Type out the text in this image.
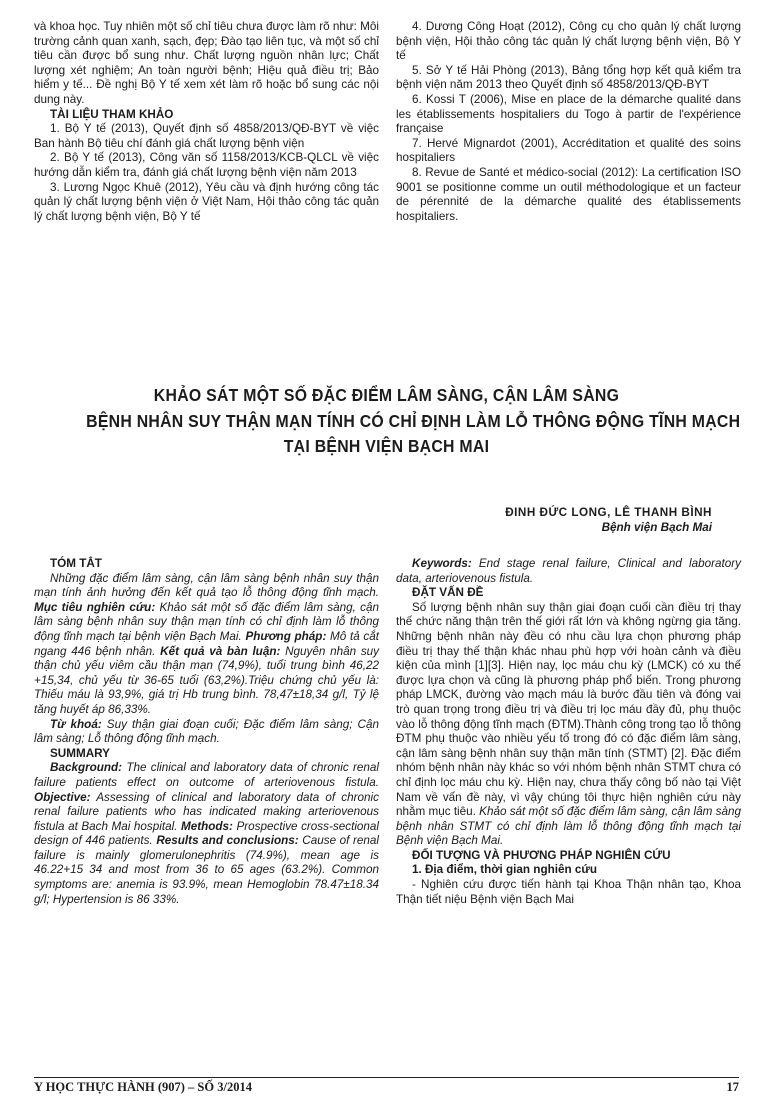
và khoa học. Tuy nhiên một số chỉ tiêu chưa được làm rõ như: Môi trường cảnh quan xanh, sạch, đẹp; Đào tạo liên tục, và một số chỉ tiêu cần được bổ sung như. Chất lượng nguồn nhân lực; Chất lượng xét nghiệm; An toàn người bệnh; Hiệu quả điều trị; Bảo hiểm y tế... Đề nghị Bộ Y tế xem xét làm rõ hoặc bổ sung các nội dung này.

TÀI LIỆU THAM KHẢO

1. Bộ Y tế (2013), Quyết định số 4858/2013/QĐ-BYT về việc Ban hành Bộ tiêu chí đánh giá chất lượng bệnh viện

2. Bộ Y tế (2013), Công văn số 1158/2013/KCB-QLCL về việc hướng dẫn kiểm tra, đánh giá chất lượng bệnh viện năm 2013

3. Lương Ngọc Khuê (2012), Yêu cầu và định hướng công tác quản lý chất lượng bệnh viện ở Việt Nam, Hội thảo công tác quản lý chất lượng bệnh viện, Bộ Y tế

4. Dương Công Hoạt (2012), Công cụ cho quản lý chất lượng bệnh viện, Hội thảo công tác quản lý chất lượng bệnh viện, Bộ Y tế

5. Sở Y tế Hải Phòng (2013), Bảng tổng hợp kết quả kiểm tra bệnh viện năm 2013 theo Quyết định số 4858/2013/QĐ-BYT

6. Kossi T (2006), Mise en place de la démarche qualité dans les établissements hospitaliers du Togo à partir de l'expérience française

7. Hervé Mignardot (2001), Accréditation et qualité des soins hospitaliers

8. Revue de Santé et médico-social (2012): La certification ISO 9001 se positionne comme un outil méthodologique et un facteur de pérennité de la démarche qualité des établissements hospitaliers.

KHẢO SÁT MỘT SỐ ĐẶC ĐIỂM LÂM SÀNG, CẬN LÂM SÀNG
BỆNH NHÂN SUY THẬN MẠN TÍNH CÓ CHỈ ĐỊNH LÀM LỖ THÔNG ĐỘNG TĨNH MẠCH
TẠI BỆNH VIỆN BẠCH MAI
ĐINH ĐỨC LONG, LÊ THANH BÌNH
Bệnh viện Bạch Mai

TÓM TẮT

Những đặc điểm lâm sàng, cận lâm sàng bệnh nhân suy thận mạn tính ảnh hưởng đến kết quả tạo lỗ thông động tĩnh mạch. Mục tiêu nghiên cứu: Khảo sát một số đặc điểm lâm sàng, cận lâm sàng bệnh nhân suy thận mạn tính có chỉ định làm lỗ thông động tĩnh mạch tại bệnh viện Bạch Mai. Phương pháp: Mô tả cắt ngang 446 bệnh nhân. Kết quả và bàn luận: Nguyên nhân suy thận chủ yếu viêm cầu thận mạn (74,9%), tuổi trung bình 46,22 +15,34, chủ yếu từ 36-65 tuổi (63,2%).Triệu chứng chủ yếu là: Thiếu máu là 93,9%, giá trị Hb trung bình. 78,47±18,34 g/l, Tỷ lệ tăng huyết áp 86,33%.

Từ khoá: Suy thận giai đoạn cuối; Đặc điểm lâm sàng; Cận lâm sàng; Lỗ thông động tĩnh mạch.

SUMMARY

Background: The clinical and laboratory data of chronic renal failure patients effect on outcome of arteriovenous fistula. Objective: Assessing of clinical and laboratory data of chronic renal failure patients who has indicated making arteriovenous fistula at Bach Mai hospital. Methods: Prospective cross-sectional design of 446 patients. Results and conclusions: Cause of renal failure is mainly glomerulonephritis (74.9%), mean age is 46.22+15 34 and most from 36 to 65 ages (63.2%). Common symptoms are: anemia is 93.9%, mean Hemoglobin 78.47±18.34 g/l; Hypertension is 86 33%.

Keywords: End stage renal failure, Clinical and laboratory data, arteriovenous fistula.

ĐẶT VẤN ĐỀ

Số lượng bệnh nhân suy thận giai đoạn cuối cần điều trị thay thế chức năng thận trên thế giới rất lớn và không ngừng gia tăng. Những bệnh nhân này đều có nhu cầu lựa chọn phương pháp điều trị thay thế thận khác nhau phù hợp với hoàn cảnh và điều kiện của mình [1][3]. Hiện nay, lọc máu chu kỳ (LMCK) có xu thế được lựa chọn và cũng là phương pháp phổ biến. Trong phương pháp LMCK, đường vào mạch máu là bước đầu tiên và đóng vai trò quan trọng trong điều trị và điều trị lọc máu đầy đủ, phụ thuộc vào lỗ thông động tĩnh mạch (ĐTM).Thành công trong tạo lỗ thông ĐTM phụ thuộc vào nhiều yếu tố trong đó có đặc điểm lâm sàng, cận lâm sàng bệnh nhân suy thận mãn tính (STMT) [2]. Đặc điểm nhóm bệnh nhân này khác so với nhóm bệnh nhân STMT chưa có chỉ định lọc máu chu kỳ. Hiện nay, chưa thấy công bố nào tại Việt Nam về vấn đề này, vì vậy chúng tôi thực hiện nghiên cứu này nhằm mục tiêu. Khảo sát một số đặc điểm lâm sàng, cận lâm sàng bệnh nhân STMT có chỉ định làm lỗ thông động tĩnh mạch tại Bệnh viện Bạch Mai.

ĐỐI TƯỢNG VÀ PHƯƠNG PHÁP NGHIÊN CỨU

1. Địa điểm, thời gian nghiên cứu

- Nghiên cứu được tiến hành tại Khoa Thận nhân tạo, Khoa Thận tiết niệu Bệnh viện Bạch Mai

Y HỌC THỰC HÀNH (907) – SỐ 3/2014	17
